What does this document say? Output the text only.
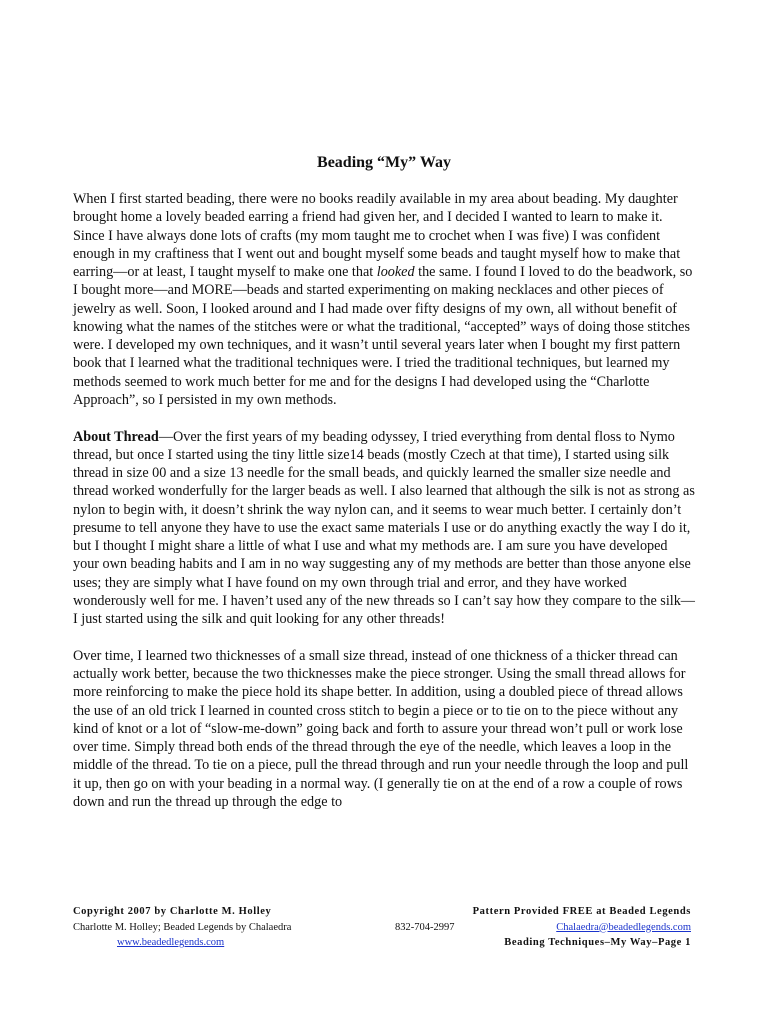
Beading “My” Way

When I first started beading, there were no books readily available in my area about beading. My daughter brought home a lovely beaded earring a friend had given her, and I decided I wanted to learn to make it. Since I have always done lots of crafts (my mom taught me to crochet when I was five) I was confident enough in my craftiness that I went out and bought myself some beads and taught myself how to make that earring—or at least, I taught myself to make one that looked the same. I found I loved to do the beadwork, so I bought more—and MORE—beads and started experimenting on making necklaces and other pieces of jewelry as well. Soon, I looked around and I had made over fifty designs of my own, all without benefit of knowing what the names of the stitches were or what the traditional, “accepted” ways of doing those stitches were. I developed my own techniques, and it wasn’t until several years later when I bought my first pattern book that I learned what the traditional techniques were. I tried the traditional techniques, but learned my methods seemed to work much better for me and for the designs I had developed using the “Charlotte Approach”, so I persisted in my own methods.

About Thread—Over the first years of my beading odyssey, I tried everything from dental floss to Nymo thread, but once I started using the tiny little size14 beads (mostly Czech at that time), I started using silk thread in size 00 and a size 13 needle for the small beads, and quickly learned the smaller size needle and thread worked wonderfully for the larger beads as well. I also learned that although the silk is not as strong as nylon to begin with, it doesn’t shrink the way nylon can, and it seems to wear much better. I certainly don’t presume to tell anyone they have to use the exact same materials I use or do anything exactly the way I do it, but I thought I might share a little of what I use and what my methods are. I am sure you have developed your own beading habits and I am in no way suggesting any of my methods are better than those anyone else uses; they are simply what I have found on my own through trial and error, and they have worked wonderously well for me. I haven’t used any of the new threads so I can’t say how they compare to the silk—I just started using the silk and quit looking for any other threads!

Over time, I learned two thicknesses of a small size thread, instead of one thickness of a thicker thread can actually work better, because the two thicknesses make the piece stronger. Using the small thread allows for more reinforcing to make the piece hold its shape better. In addition, using a doubled piece of thread allows the use of an old trick I learned in counted cross stitch to begin a piece or to tie on to the piece without any kind of knot or a lot of “slow-me-down” going back and forth to assure your thread won’t pull or work lose over time. Simply thread both ends of the thread through the eye of the needle, which leaves a loop in the middle of the thread. To tie on a piece, pull the thread through and run your needle through the loop and pull it up, then go on with your beading in a normal way. (I generally tie on at the end of a row a couple of rows down and run the thread up through the edge to

Copyright 2007 by Charlotte M. Holley	Pattern Provided FREE at Beaded Legends
Charlotte M. Holley; Beaded Legends by Chalaedra	832-704-2997	Chalaedra@beadedlegends.com
www.beadedlegends.com	Beading Techniques–My Way–Page 1
